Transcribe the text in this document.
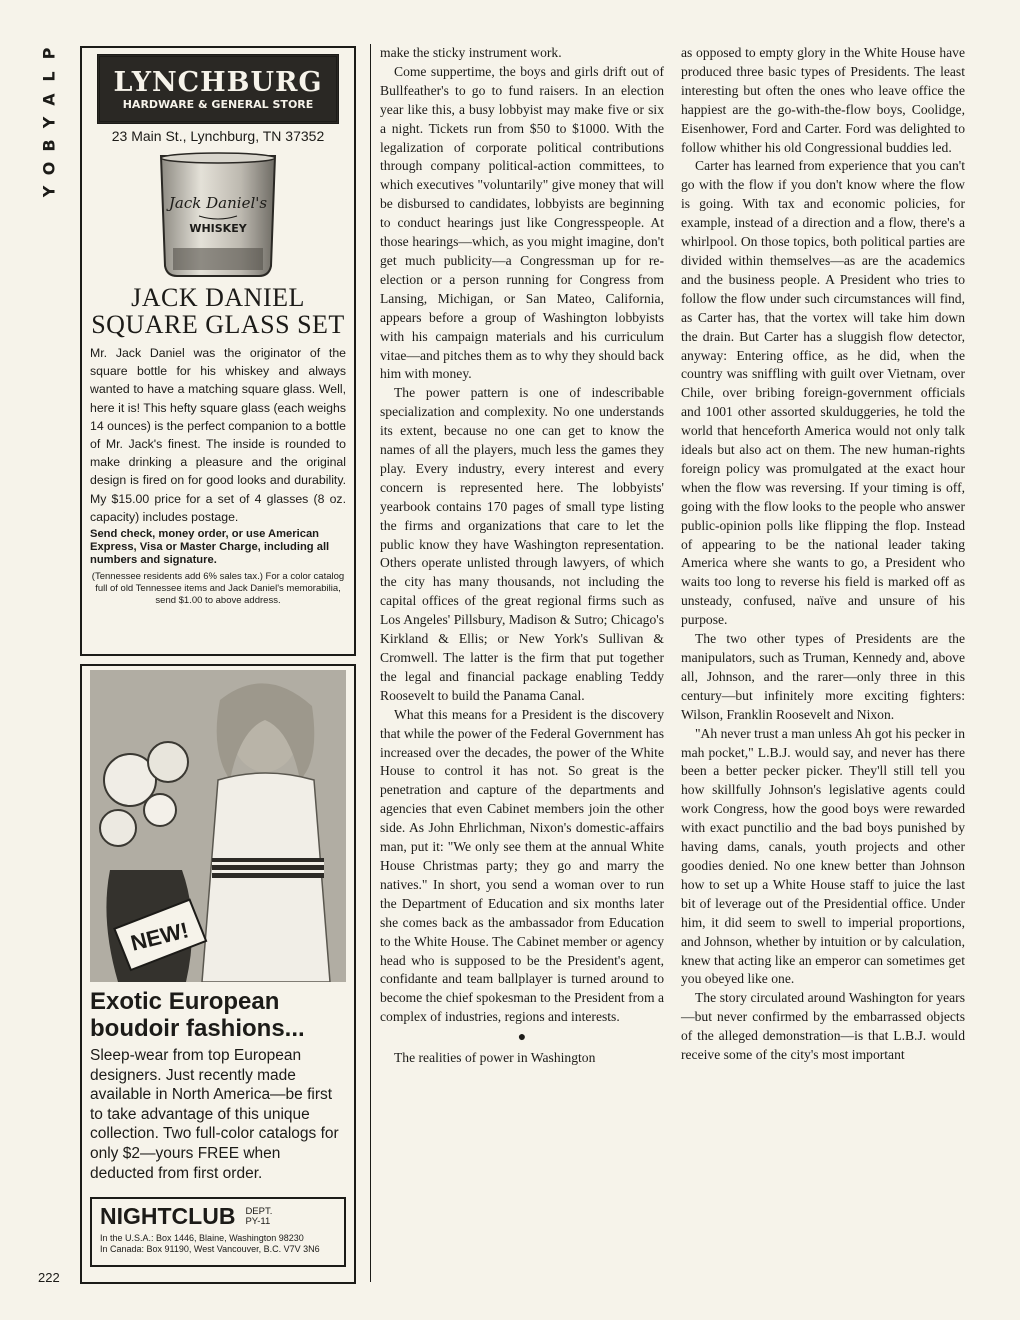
P
L
A
Y
B
O
Y
222
LYNCHBURG
HARDWARE & GENERAL STORE
23 Main St., Lynchburg, TN 37352
Jack Daniel's
WHISKEY
JACK DANIEL
SQUARE GLASS SET
Mr. Jack Daniel was the originator of the square bottle for his whiskey and always wanted to have a matching square glass. Well, here it is! This hefty square glass (each weighs 14 ounces) is the perfect companion to a bottle of Mr. Jack's finest. The inside is rounded to make drinking a pleasure and the original design is fired on for good looks and durability. My $15.00 price for a set of 4 glasses (8 oz. capacity) includes postage.
Send check, money order, or use American Express, Visa or Master Charge, including all numbers and signature.
(Tennessee residents add 6% sales tax.) For a color catalog full of old Tennessee items and Jack Daniel's memorabilia, send $1.00 to above address.
NEW!
Exotic European boudoir fashions...
Sleep-wear from top European designers. Just recently made available in North America—be first to take advantage of this unique collection. Two full-color catalogs for only $2—yours FREE when deducted from first order.
NIGHTCLUB DEPT.
PY-11
In the U.S.A.: Box 1446, Blaine, Washington 98230
In Canada: Box 91190, West Vancouver, B.C. V7V 3N6

make the sticky instrument work.

Come suppertime, the boys and girls drift out of Bullfeather's to go to fund raisers. In an election year like this, a busy lobbyist may make five or six a night. Tickets run from $50 to $1000. With the legalization of corporate political contributions through company political-action committees, to which executives "voluntarily" give money that will be disbursed to candidates, lobbyists are beginning to conduct hearings just like Congresspeople. At those hearings—which, as you might imagine, don't get much publicity—a Congressman up for re-election or a person running for Congress from Lansing, Michigan, or San Mateo, California, appears before a group of Washington lobbyists with his campaign materials and his curriculum vitae—and pitches them as to why they should back him with money.

The power pattern is one of indescribable specialization and complexity. No one understands its extent, because no one can get to know the names of all the players, much less the games they play. Every industry, every interest and every concern is represented here. The lobbyists' yearbook contains 170 pages of small type listing the firms and organizations that care to let the public know they have Washington representation. Others operate unlisted through lawyers, of which the city has many thousands, not including the capital offices of the great regional firms such as Los Angeles' Pillsbury, Madison & Sutro; Chicago's Kirkland & Ellis; or New York's Sullivan & Cromwell. The latter is the firm that put together the legal and financial package enabling Teddy Roosevelt to build the Panama Canal.

What this means for a President is the discovery that while the power of the Federal Government has increased over the decades, the power of the White House to control it has not. So great is the penetration and capture of the departments and agencies that even Cabinet members join the other side. As John Ehrlichman, Nixon's domestic-affairs man, put it: "We only see them at the annual White House Christmas party; they go and marry the natives." In short, you send a woman over to run the Department of Education and six months later she comes back as the ambassador from Education to the White House. The Cabinet member or agency head who is supposed to be the President's agent, confidante and team ballplayer is turned around to become the chief spokesman to the President from a complex of industries, regions and interests.

●

The realities of power in Washington

as opposed to empty glory in the White House have produced three basic types of Presidents. The least interesting but often the ones who leave office the happiest are the go-with-the-flow boys, Coolidge, Eisenhower, Ford and Carter. Ford was delighted to follow whither his old Congressional buddies led.

Carter has learned from experience that you can't go with the flow if you don't know where the flow is going. With tax and economic policies, for example, instead of a direction and a flow, there's a whirlpool. On those topics, both political parties are divided within themselves—as are the academics and the business people. A President who tries to follow the flow under such circumstances will find, as Carter has, that the vortex will take him down the drain. But Carter has a sluggish flow detector, anyway: Entering office, as he did, when the country was sniffling with guilt over Vietnam, over Chile, over bribing foreign-government officials and 1001 other assorted skulduggeries, he told the world that henceforth America would not only talk ideals but also act on them. The new human-rights foreign policy was promulgated at the exact hour when the flow was reversing. If your timing is off, going with the flow looks to the people who answer public-opinion polls like flipping the flop. Instead of appearing to be the national leader taking America where she wants to go, a President who waits too long to reverse his field is marked off as unsteady, confused, naïve and unsure of his purpose.

The two other types of Presidents are the manipulators, such as Truman, Kennedy and, above all, Johnson, and the rarer—only three in this century—but infinitely more exciting fighters: Wilson, Franklin Roosevelt and Nixon.

"Ah never trust a man unless Ah got his pecker in mah pocket," L.B.J. would say, and never has there been a better pecker picker. They'll still tell you how skillfully Johnson's legislative agents could work Congress, how the good boys were rewarded with exact punctilio and the bad boys punished by having dams, canals, youth projects and other goodies denied. No one knew better than Johnson how to set up a White House staff to juice the last bit of leverage out of the Presidential office. Under him, it did seem to swell to imperial proportions, and Johnson, whether by intuition or by calculation, knew that acting like an emperor can sometimes get you obeyed like one.

The story circulated around Washington for years—but never confirmed by the embarrassed objects of the alleged demonstration—is that L.B.J. would receive some of the city's most important
